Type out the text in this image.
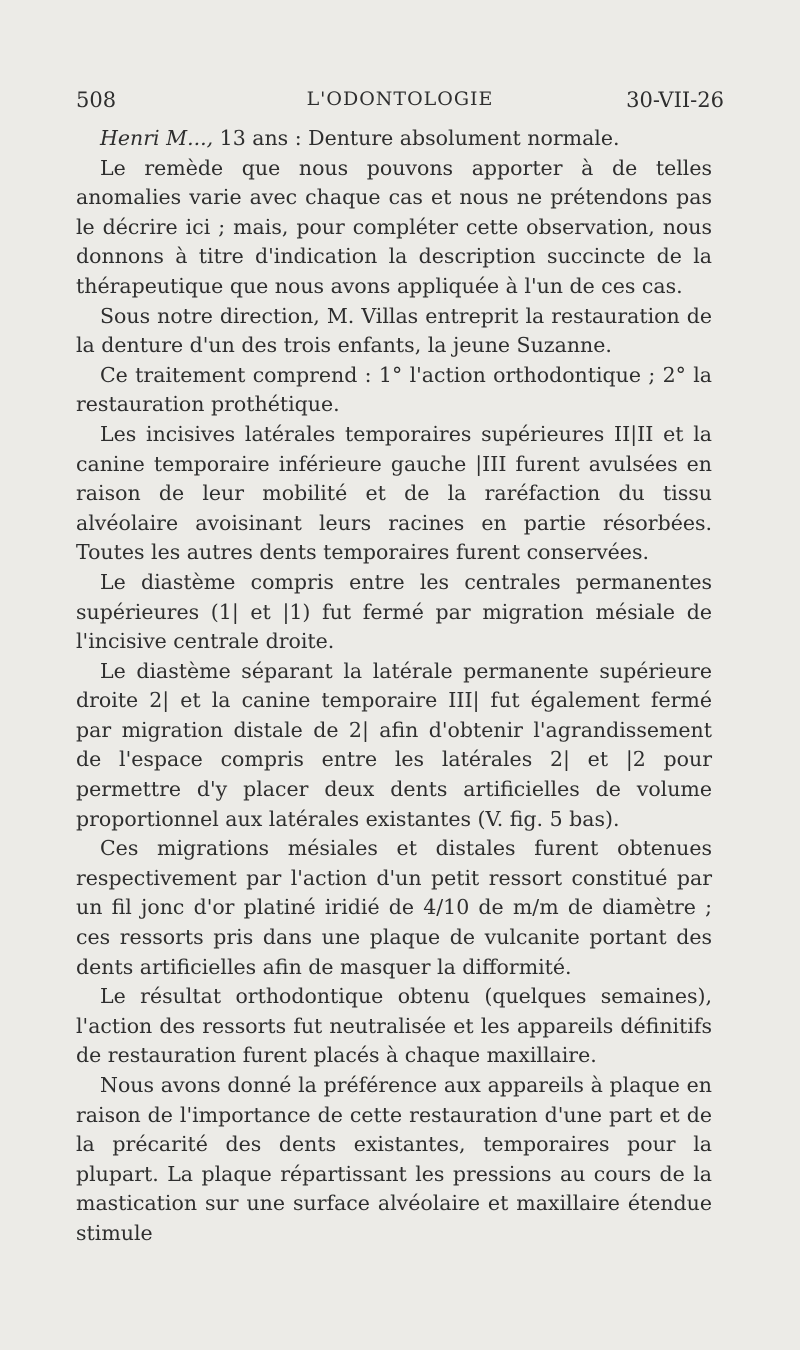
508	L'ODONTOLOGIE	30-VII-26

Henri M..., 13 ans : Denture absolument normale.

Le remède que nous pouvons apporter à de telles anomalies varie avec chaque cas et nous ne prétendons pas le décrire ici ; mais, pour compléter cette observation, nous donnons à titre d'indication la description succincte de la thérapeutique que nous avons appliquée à l'un de ces cas.

Sous notre direction, M. Villas entreprit la restauration de la denture d'un des trois enfants, la jeune Suzanne.

Ce traitement comprend : 1° l'action orthodontique ; 2° la restauration prothétique.

Les incisives latérales temporaires supérieures II|II et la canine temporaire inférieure gauche |III furent avulsées en raison de leur mobilité et de la raréfaction du tissu alvéolaire avoisinant leurs racines en partie résorbées. Toutes les autres dents temporaires furent conservées.

Le diastème compris entre les centrales permanentes supérieures (1| et |1) fut fermé par migration mésiale de l'incisive centrale droite.

Le diastème séparant la latérale permanente supérieure droite 2| et la canine temporaire III| fut également fermé par migration distale de 2| afin d'obtenir l'agrandissement de l'espace compris entre les latérales 2| et |2 pour permettre d'y placer deux dents artificielles de volume proportionnel aux latérales existantes (V. fig. 5 bas).

Ces migrations mésiales et distales furent obtenues respectivement par l'action d'un petit ressort constitué par un fil jonc d'or platiné iridié de 4/10 de m/m de diamètre ; ces ressorts pris dans une plaque de vulcanite portant des dents artificielles afin de masquer la difformité.

Le résultat orthodontique obtenu (quelques semaines), l'action des ressorts fut neutralisée et les appareils définitifs de restauration furent placés à chaque maxillaire.

Nous avons donné la préférence aux appareils à plaque en raison de l'importance de cette restauration d'une part et de la précarité des dents existantes, temporaires pour la plupart. La plaque répartissant les pressions au cours de la mastication sur une surface alvéolaire et maxillaire étendue stimule
